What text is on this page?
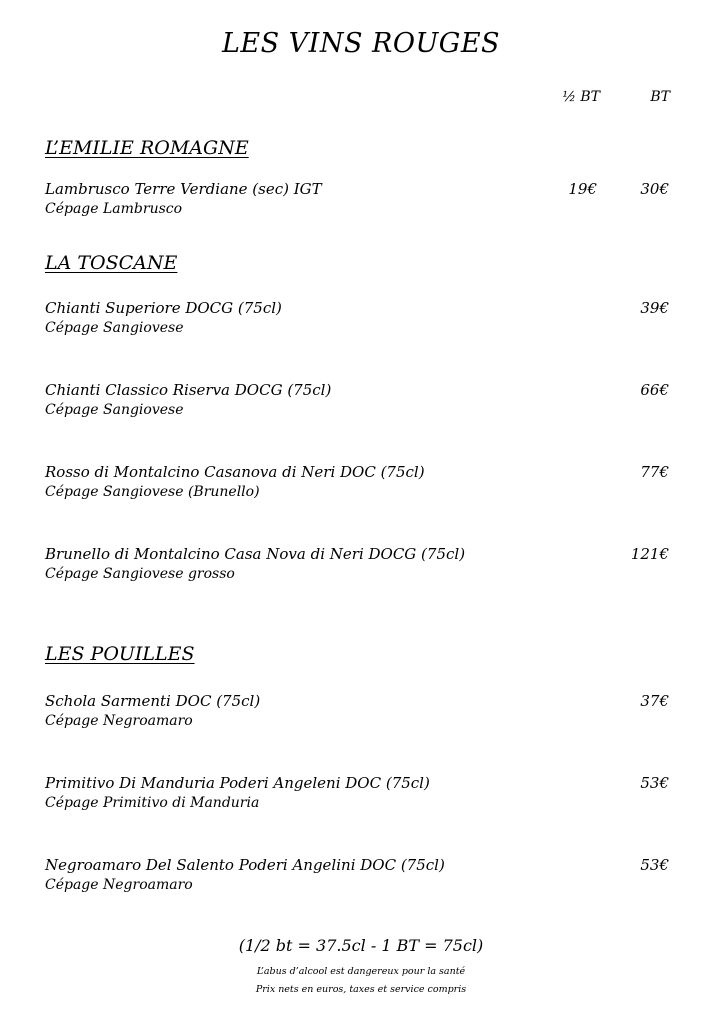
LES VINS ROUGES
½ BT	BT
L’EMILIE ROMAGNE
Lambrusco Terre Verdiane (sec) IGT
Cépage Lambrusco
19€	30€
LA TOSCANE
Chianti Superiore DOCG (75cl)
Cépage Sangiovese
39€
Chianti Classico Riserva DOCG (75cl)
Cépage Sangiovese
66€
Rosso di Montalcino Casanova di Neri DOC (75cl)
Cépage Sangiovese (Brunello)
77€
Brunello di Montalcino Casa Nova di Neri DOCG (75cl)
Cépage Sangiovese grosso
121€
LES POUILLES
Schola Sarmenti DOC (75cl)
Cépage Negroamaro
37€
Primitivo Di Manduria Poderi Angeleni DOC (75cl)
Cépage Primitivo di Manduria
53€
Negroamaro Del Salento Poderi Angelini DOC (75cl)
Cépage Negroamaro
53€
(1/2 bt = 37.5cl - 1 BT = 75cl)
L’abus d’alcool est dangereux pour la santé
Prix nets en euros, taxes et service compris
